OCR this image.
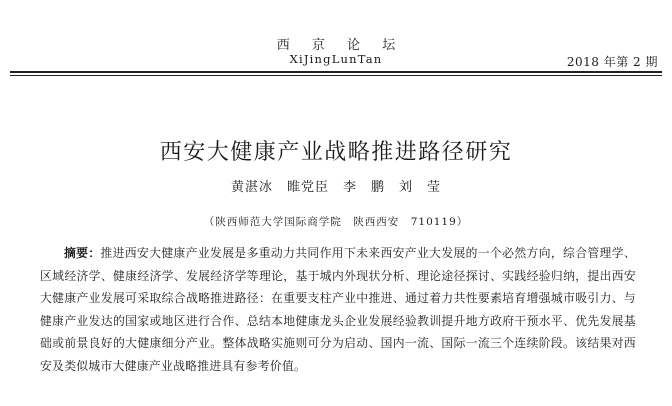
西 京 论 坛
XiJingLunTan	2018 年第 2 期
西安大健康产业战略推进路径研究
黄湛冰　睢党臣　李　鹏　刘　莹
（陕西师范大学国际商学院　陕西西安　710119）
摘要：推进西安大健康产业发展是多重动力共同作用下未来西安产业大发展的一个必然方向，综合管理学、区域经济学、健康经济学、发展经济学等理论，基于城内外现状分析、理论途径探讨、实践经验归纳，提出西安大健康产业发展可采取综合战略推进路径：在重要支柱产业中推进、通过着力共性要素培育增强城市吸引力、与健康产业发达的国家或地区进行合作、总结本地健康龙头企业发展经验教训提升地方政府干预水平、优先发展基础或前景良好的大健康细分产业。整体战略实施则可分为启动、国内一流、国际一流三个连续阶段。该结果对西安及类似城市大健康产业战略推进具有参考价值。
